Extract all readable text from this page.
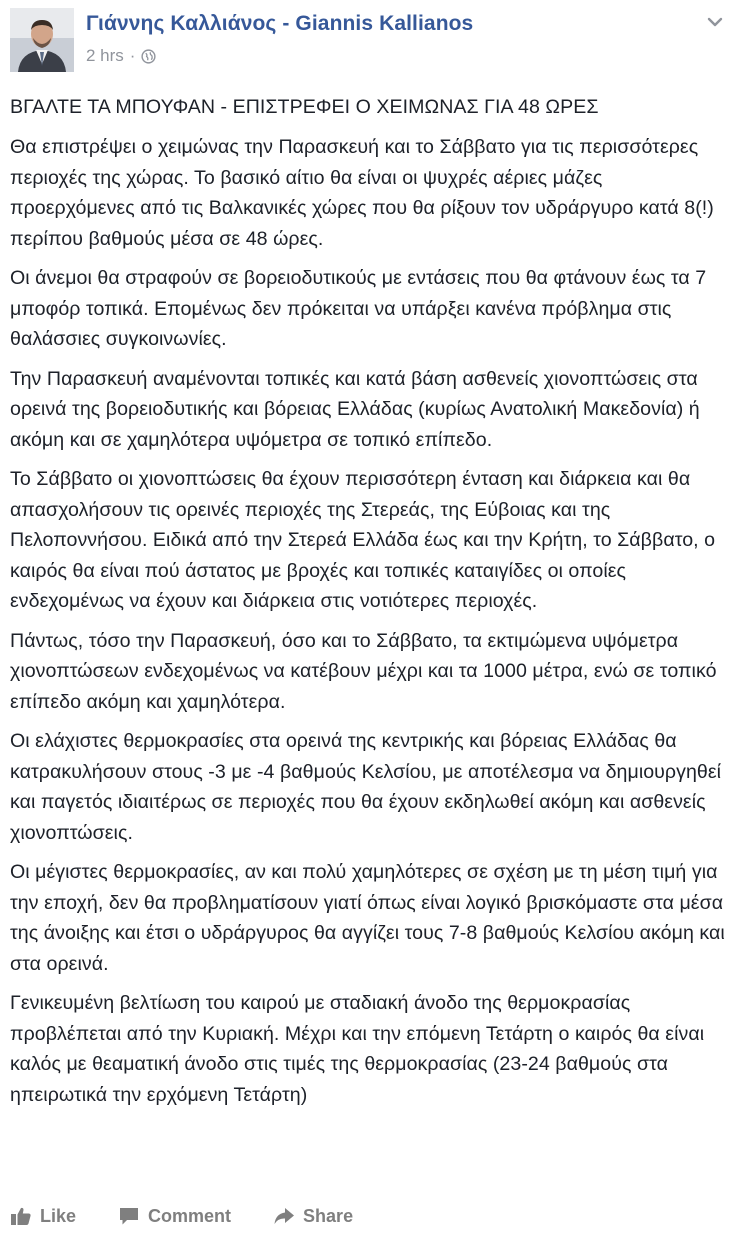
Γιάννης Καλλιάνος - Giannis Kallianos
2 hrs ·
ΒΓΑΛΤΕ ΤΑ ΜΠΟΥΦΑΝ - ΕΠΙΣΤΡΕΦΕΙ Ο ΧΕΙΜΩΝΑΣ ΓΙΑ 48 ΩΡΕΣ

Θα επιστρέψει ο χειμώνας την Παρασκευή και το Σάββατο για τις περισσότερες περιοχές της χώρας. Το βασικό αίτιο θα είναι οι ψυχρές αέριες μάζες προερχόμενες από τις Βαλκανικές χώρες που θα ρίξουν τον υδράργυρο κατά 8(!) περίπου βαθμούς μέσα σε 48 ώρες.

Οι άνεμοι θα στραφούν σε βορειοδυτικούς με εντάσεις που θα φτάνουν έως τα 7 μποφόρ τοπικά. Επομένως δεν πρόκειται να υπάρξει κανένα πρόβλημα στις θαλάσσιες συγκοινωνίες.

Την Παρασκευή αναμένονται τοπικές και κατά βάση ασθενείς χιονοπτώσεις στα ορεινά της βορειοδυτικής και βόρειας Ελλάδας (κυρίως Ανατολική Μακεδονία) ή ακόμη και σε χαμηλότερα υψόμετρα σε τοπικό επίπεδο.

Το Σάββατο οι χιονοπτώσεις θα έχουν περισσότερη ένταση και διάρκεια και θα απασχολήσουν τις ορεινές περιοχές της Στερεάς, της Εύβοιας και της Πελοποννήσου. Ειδικά από την Στερεά Ελλάδα έως και την Κρήτη, το Σάββατο, ο καιρός θα είναι πού άστατος με βροχές και τοπικές καταιγίδες οι οποίες ενδεχομένως να έχουν και διάρκεια στις νοτιότερες περιοχές.

Πάντως, τόσο την Παρασκευή, όσο και το Σάββατο, τα εκτιμώμενα υψόμετρα χιονοπτώσεων ενδεχομένως να κατέβουν μέχρι και τα 1000 μέτρα, ενώ σε τοπικό επίπεδο ακόμη και χαμηλότερα.

Οι ελάχιστες θερμοκρασίες στα ορεινά της κεντρικής και βόρειας Ελλάδας θα κατρακυλήσουν στους -3 με -4 βαθμούς Κελσίου, με αποτέλεσμα να δημιουργηθεί και παγετός ιδιαιτέρως σε περιοχές που θα έχουν εκδηλωθεί ακόμη και ασθενείς χιονοπτώσεις.

Οι μέγιστες θερμοκρασίες, αν και πολύ χαμηλότερες σε σχέση με τη μέση τιμή για την εποχή, δεν θα προβληματίσουν γιατί όπως είναι λογικό βρισκόμαστε στα μέσα της άνοιξης και έτσι ο υδράργυρος θα αγγίζει τους 7-8 βαθμούς Κελσίου ακόμη και στα ορεινά.

Γενικευμένη βελτίωση του καιρού με σταδιακή άνοδο της θερμοκρασίας προβλέπεται από την Κυριακή. Μέχρι και την επόμενη Τετάρτη ο καιρός θα είναι καλός με θεαματική άνοδο στις τιμές της θερμοκρασίας (23-24 βαθμούς στα ηπειρωτικά την ερχόμενη Τετάρτη)

Like	Comment	Share
